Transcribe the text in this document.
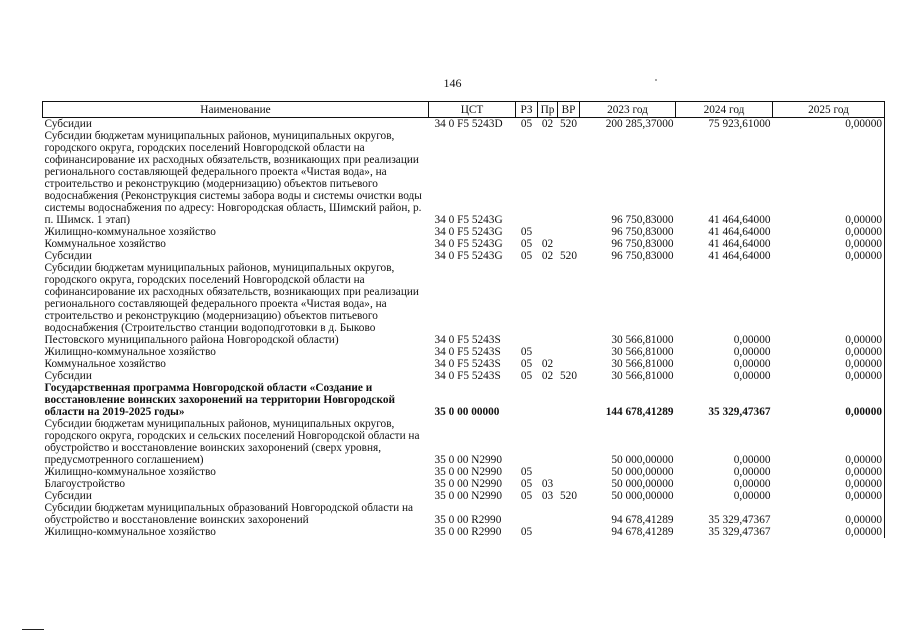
146
Наименование	ЦСТ	РЗ	Пр	ВР	2023 год	2024 год	2025 год
Субсидии	34 0 F5 5243D	05	02	520	200 285,37000	75 923,61000	0,00000
Субсидии бюджетам муниципальных районов, муниципальных округов, городского округа, городских поселений Новгородской области на софинансирование их расходных обязательств, возникающих при реализации регионального составляющей федерального проекта «Чистая вода», на строительство и реконструкцию (модернизацию) объектов питьевого водоснабжения (Реконструкция системы забора воды и системы очистки воды системы водоснабжения по адресу: Новгородская область, Шимский район, р. п. Шимск. 1 этап)	34 0 F5 5243G				96 750,83000	41 464,64000	0,00000
Жилищно-коммунальное хозяйство	34 0 F5 5243G	05			96 750,83000	41 464,64000	0,00000
Коммунальное хозяйство	34 0 F5 5243G	05	02		96 750,83000	41 464,64000	0,00000
Субсидии	34 0 F5 5243G	05	02	520	96 750,83000	41 464,64000	0,00000
Субсидии бюджетам муниципальных районов, муниципальных округов, городского округа, городских поселений Новгородской области на софинансирование их расходных обязательств, возникающих при реализации регионального составляющей федерального проекта «Чистая вода», на строительство и реконструкцию (модернизацию) объектов питьевого водоснабжения (Строительство станции водоподготовки в д. Быково Пестовского муниципального района Новгородской области)	34 0 F5 5243S				30 566,81000	0,00000	0,00000
Жилищно-коммунальное хозяйство	34 0 F5 5243S	05			30 566,81000	0,00000	0,00000
Коммунальное хозяйство	34 0 F5 5243S	05	02		30 566,81000	0,00000	0,00000
Субсидии	34 0 F5 5243S	05	02	520	30 566,81000	0,00000	0,00000
Государственная программа Новгородской области «Создание и восстановление воинских захоронений на территории Новгородской области на 2019-2025 годы»	35 0 00 00000				144 678,41289	35 329,47367	0,00000
Субсидии бюджетам муниципальных районов, муниципальных округов, городского округа, городских и сельских поселений Новгородской области на обустройство и восстановление воинских захоронений (сверх уровня, предусмотренного соглашением)	35 0 00 N2990				50 000,00000	0,00000	0,00000
Жилищно-коммунальное хозяйство	35 0 00 N2990	05			50 000,00000	0,00000	0,00000
Благоустройство	35 0 00 N2990	05	03		50 000,00000	0,00000	0,00000
Субсидии	35 0 00 N2990	05	03	520	50 000,00000	0,00000	0,00000
Субсидии бюджетам муниципальных образований Новгородской области на обустройство и восстановление воинских захоронений	35 0 00 R2990				94 678,41289	35 329,47367	0,00000
Жилищно-коммунальное хозяйство	35 0 00 R2990	05			94 678,41289	35 329,47367	0,00000
